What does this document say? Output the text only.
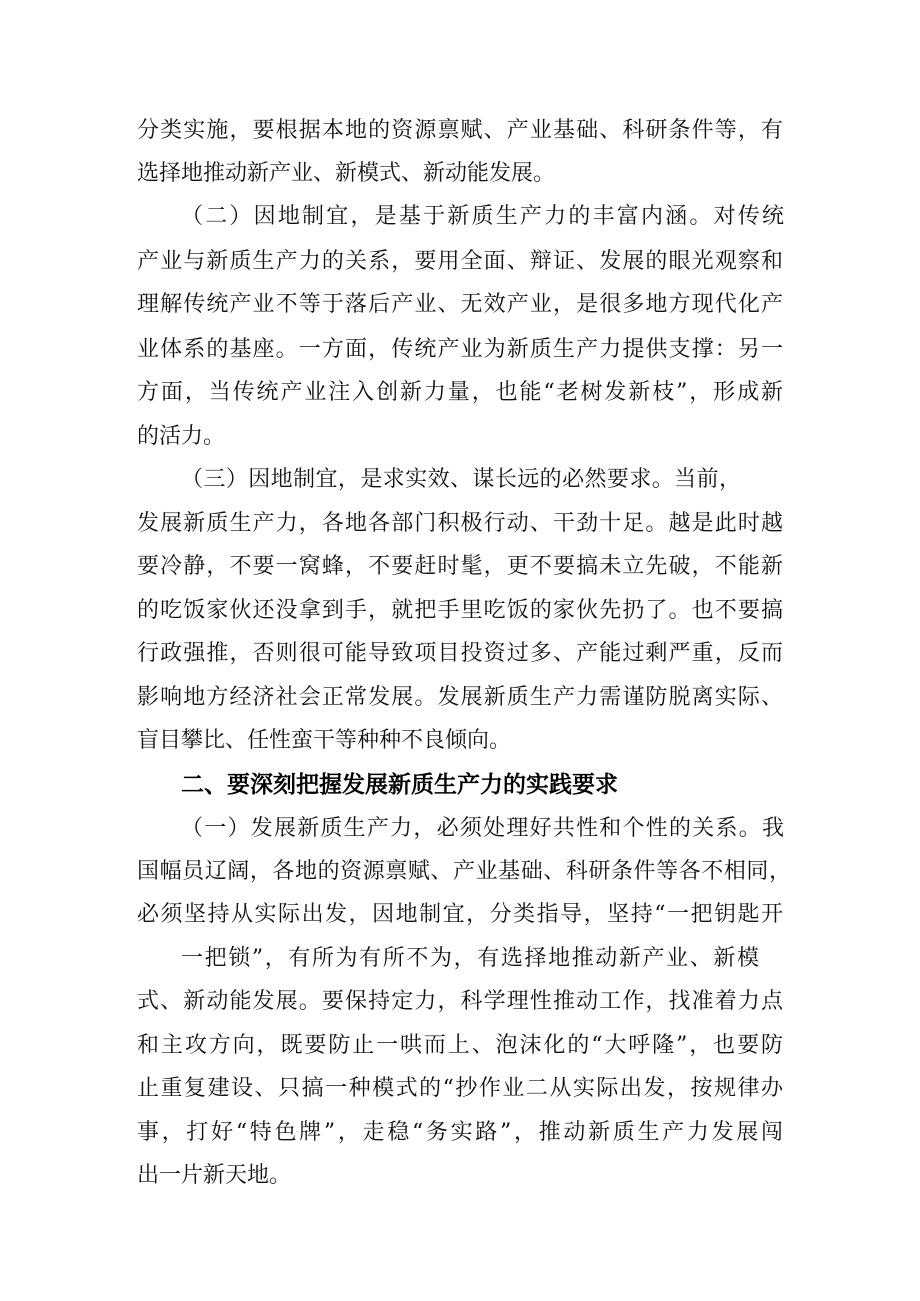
分类实施，要根据本地的资源禀赋、产业基础、科研条件等，有
选择地推动新产业、新模式、新动能发展。
（二）因地制宜，是基于新质生产力的丰富内涵。对传统
产业与新质生产力的关系，要用全面、辩证、发展的眼光观察和
理解传统产业不等于落后产业、无效产业，是很多地方现代化产
业体系的基座。一方面，传统产业为新质生产力提供支撑：另一
方面，当传统产业注入创新力量，也能“老树发新枝”，形成新
的活力。
（三）因地制宜，是求实效、谋长远的必然要求。当前，
发展新质生产力，各地各部门积极行动、干劲十足。越是此时越
要冷静，不要一窝蜂，不要赶时髦，更不要搞未立先破，不能新
的吃饭家伙还没拿到手，就把手里吃饭的家伙先扔了。也不要搞
行政强推，否则很可能导致项目投资过多、产能过剩严重，反而
影响地方经济社会正常发展。发展新质生产力需谨防脱离实际、
盲目攀比、任性蛮干等种种不良倾向。
二、要深刻把握发展新质生产力的实践要求
（一）发展新质生产力，必须处理好共性和个性的关系。我
国幅员辽阔，各地的资源禀赋、产业基础、科研条件等各不相同，
必须坚持从实际出发，因地制宜，分类指导，坚持“一把钥匙开
一把锁”，有所为有所不为，有选择地推动新产业、新模
式、新动能发展。要保持定力，科学理性推动工作，找准着力点
和主攻方向，既要防止一哄而上、泡沫化的“大呼隆”，也要防
止重复建设、只搞一种模式的“抄作业二从实际出发，按规律办
事，打好“特色牌”，走稳“务实路”，推动新质生产力发展闯
出一片新天地。
